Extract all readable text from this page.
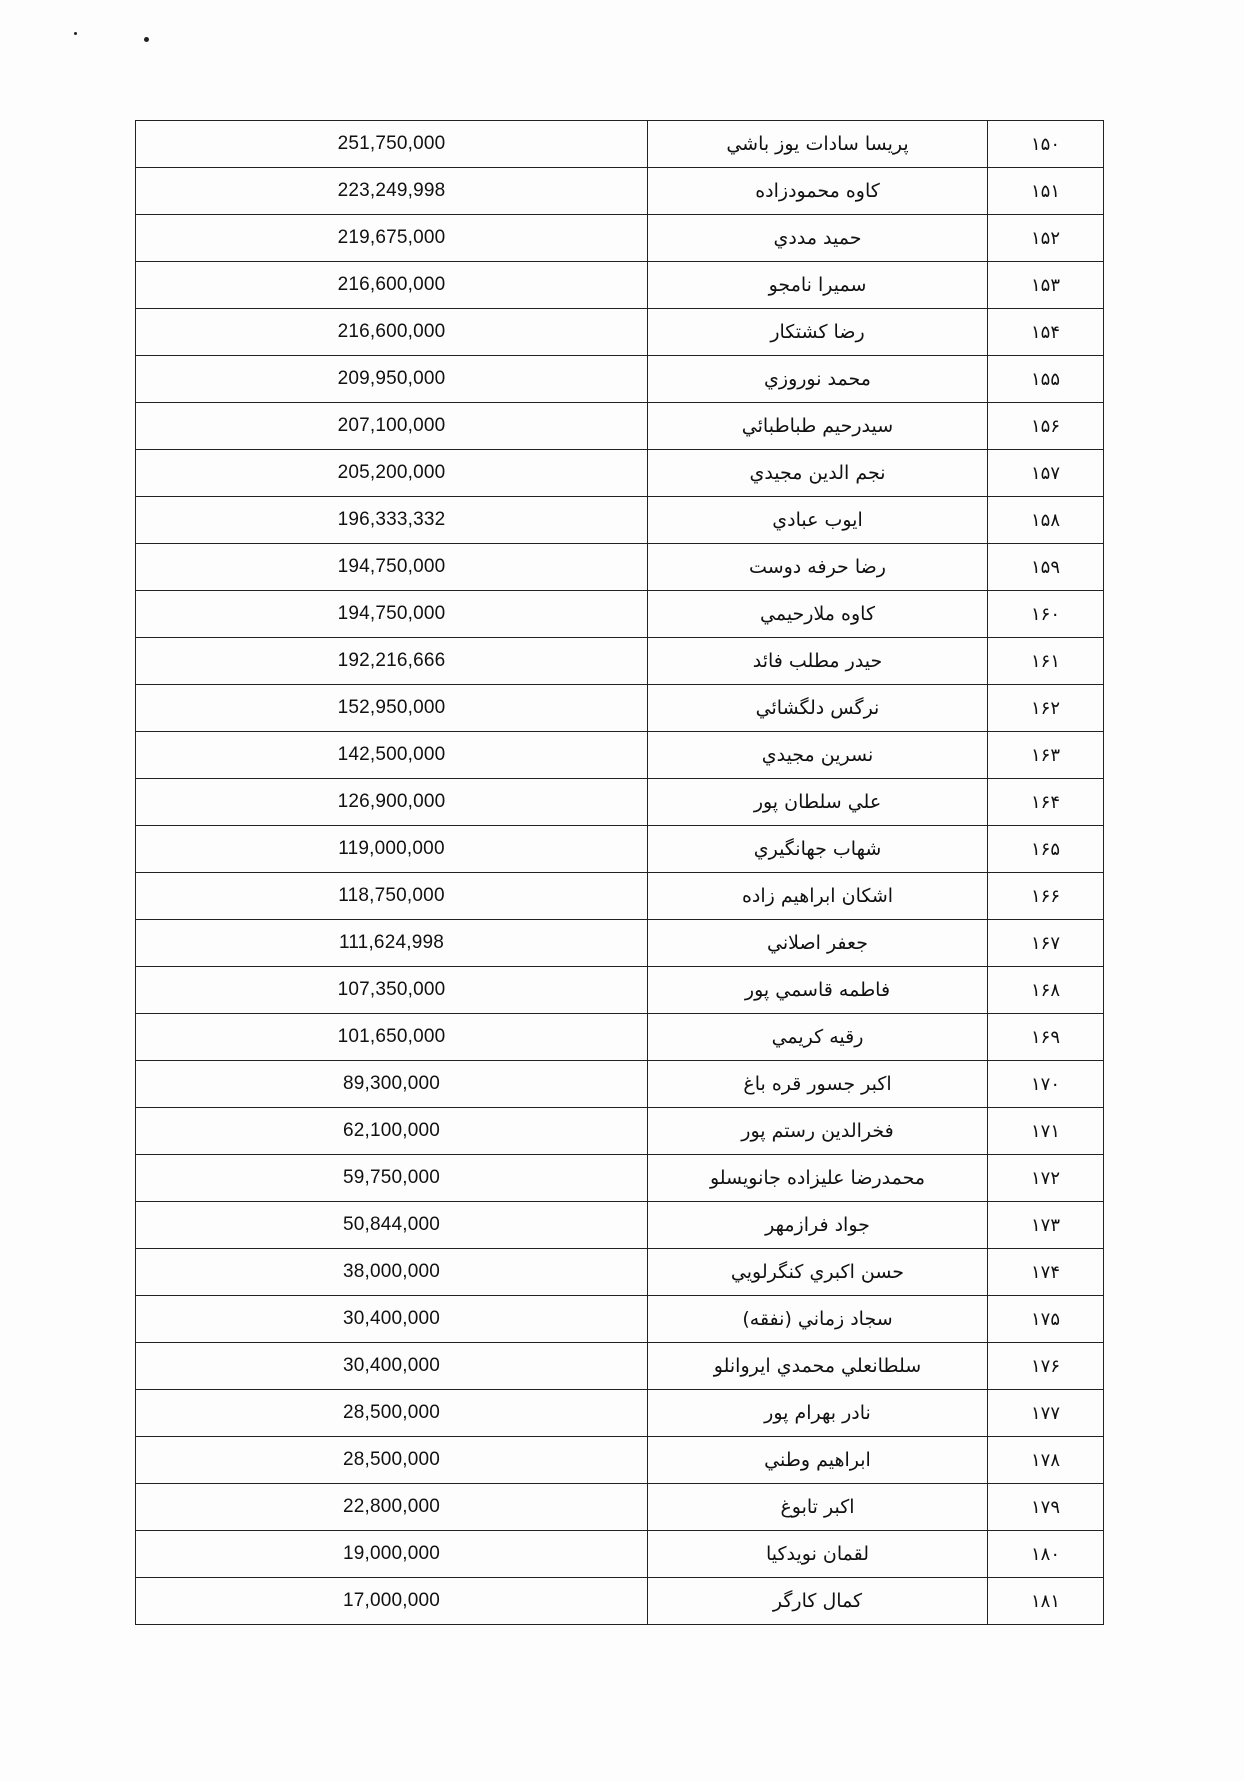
251,750,000	پريسا سادات يوز باشي	۱۵۰
223,249,998	كاوه محمودزاده	۱۵۱
219,675,000	حميد مددي	۱۵۲
216,600,000	سميرا نامجو	۱۵۳
216,600,000	رضا كشتكار	۱۵۴
209,950,000	محمد نوروزي	۱۵۵
207,100,000	سيدرحيم طباطبائي	۱۵۶
205,200,000	نجم الدين مجيدي	۱۵۷
196,333,332	ايوب عبادي	۱۵۸
194,750,000	رضا حرفه دوست	۱۵۹
194,750,000	كاوه ملارحيمي	۱۶۰
192,216,666	حيدر مطلب فائد	۱۶۱
152,950,000	نرگس دلگشائي	۱۶۲
142,500,000	نسرين مجيدي	۱۶۳
126,900,000	علي سلطان پور	۱۶۴
119,000,000	شهاب جهانگيري	۱۶۵
118,750,000	اشكان ابراهيم زاده	۱۶۶
111,624,998	جعفر اصلاني	۱۶۷
107,350,000	فاطمه قاسمي پور	۱۶۸
101,650,000	رقيه كريمي	۱۶۹
89,300,000	اكبر جسور قره باغ	۱۷۰
62,100,000	فخرالدين رستم پور	۱۷۱
59,750,000	محمدرضا عليزاده جانويسلو	۱۷۲
50,844,000	جواد فرازمهر	۱۷۳
38,000,000	حسن اكبري كنگرلويي	۱۷۴
30,400,000	سجاد زماني (نفقه)	۱۷۵
30,400,000	سلطانعلي محمدي ايروانلو	۱۷۶
28,500,000	نادر بهرام پور	۱۷۷
28,500,000	ابراهيم وطني	۱۷۸
22,800,000	اكبر تابوغ	۱۷۹
19,000,000	لقمان نويدكيا	۱۸۰
17,000,000	كمال كارگر	۱۸۱
